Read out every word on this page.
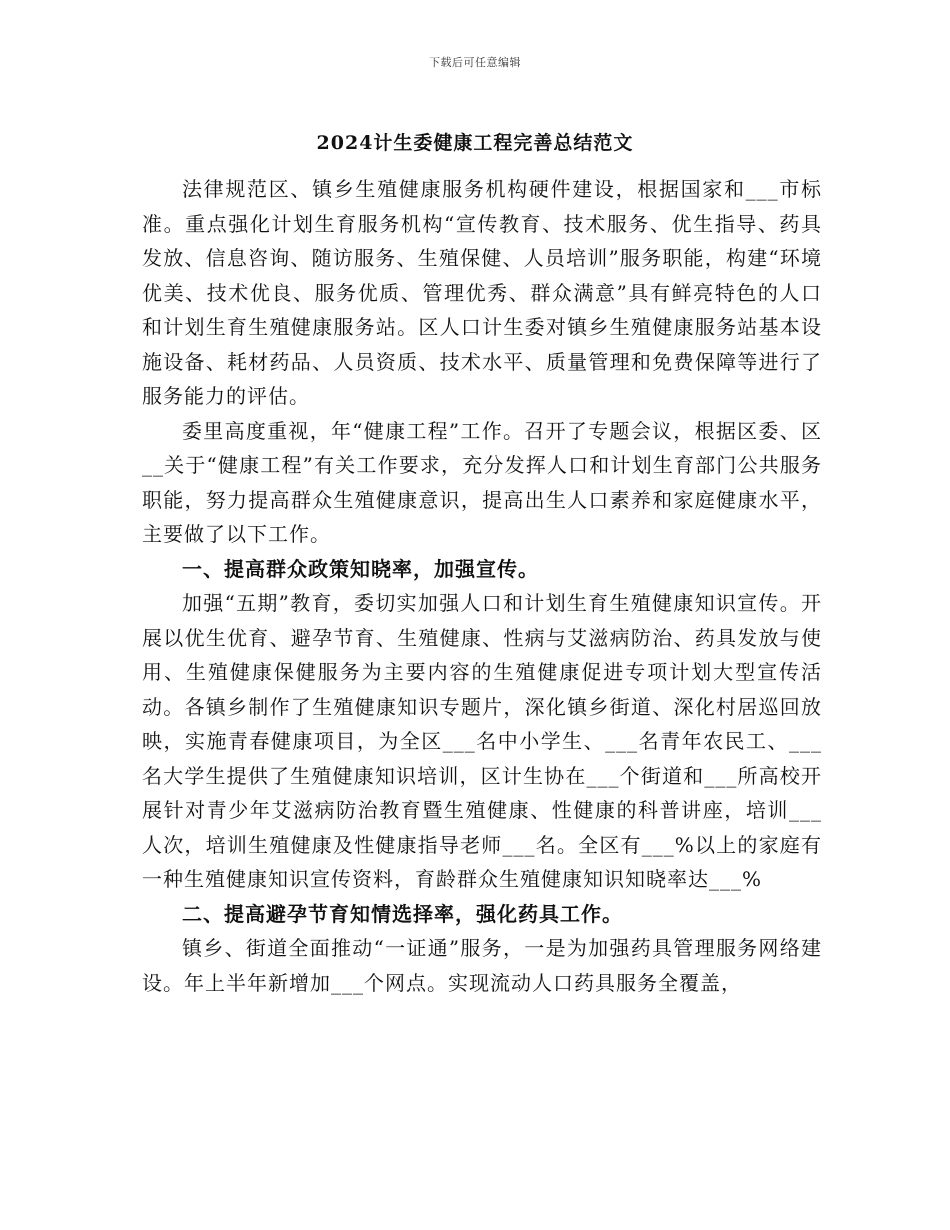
下载后可任意编辑
2024计生委健康工程完善总结范文

法律规范区、镇乡生殖健康服务机构硬件建设，根据国家和___市标准。重点强化计划生育服务机构“宣传教育、技术服务、优生指导、药具发放、信息咨询、随访服务、生殖保健、人员培训”服务职能，构建“环境优美、技术优良、服务优质、管理优秀、群众满意”具有鲜亮特色的人口和计划生育生殖健康服务站。区人口计生委对镇乡生殖健康服务站基本设施设备、耗材药品、人员资质、技术水平、质量管理和免费保障等进行了服务能力的评估。

委里高度重视，年“健康工程”工作。召开了专题会议，根据区委、区__关于“健康工程”有关工作要求，充分发挥人口和计划生育部门公共服务职能，努力提高群众生殖健康意识，提高出生人口素养和家庭健康水平，主要做了以下工作。

一、提高群众政策知晓率，加强宣传。

加强“五期”教育，委切实加强人口和计划生育生殖健康知识宣传。开展以优生优育、避孕节育、生殖健康、性病与艾滋病防治、药具发放与使用、生殖健康保健服务为主要内容的生殖健康促进专项计划大型宣传活动。各镇乡制作了生殖健康知识专题片，深化镇乡街道、深化村居巡回放映，实施青春健康项目，为全区___名中小学生、___名青年农民工、___名大学生提供了生殖健康知识培训，区计生协在___个街道和___所高校开展针对青少年艾滋病防治教育暨生殖健康、性健康的科普讲座，培训___人次，培训生殖健康及性健康指导老师___名。全区有___%以上的家庭有一种生殖健康知识宣传资料，育龄群众生殖健康知识知晓率达___%

二、提高避孕节育知情选择率，强化药具工作。

镇乡、街道全面推动“一证通”服务，一是为加强药具管理服务网络建设。年上半年新增加___个网点。实现流动人口药具服务全覆盖，
